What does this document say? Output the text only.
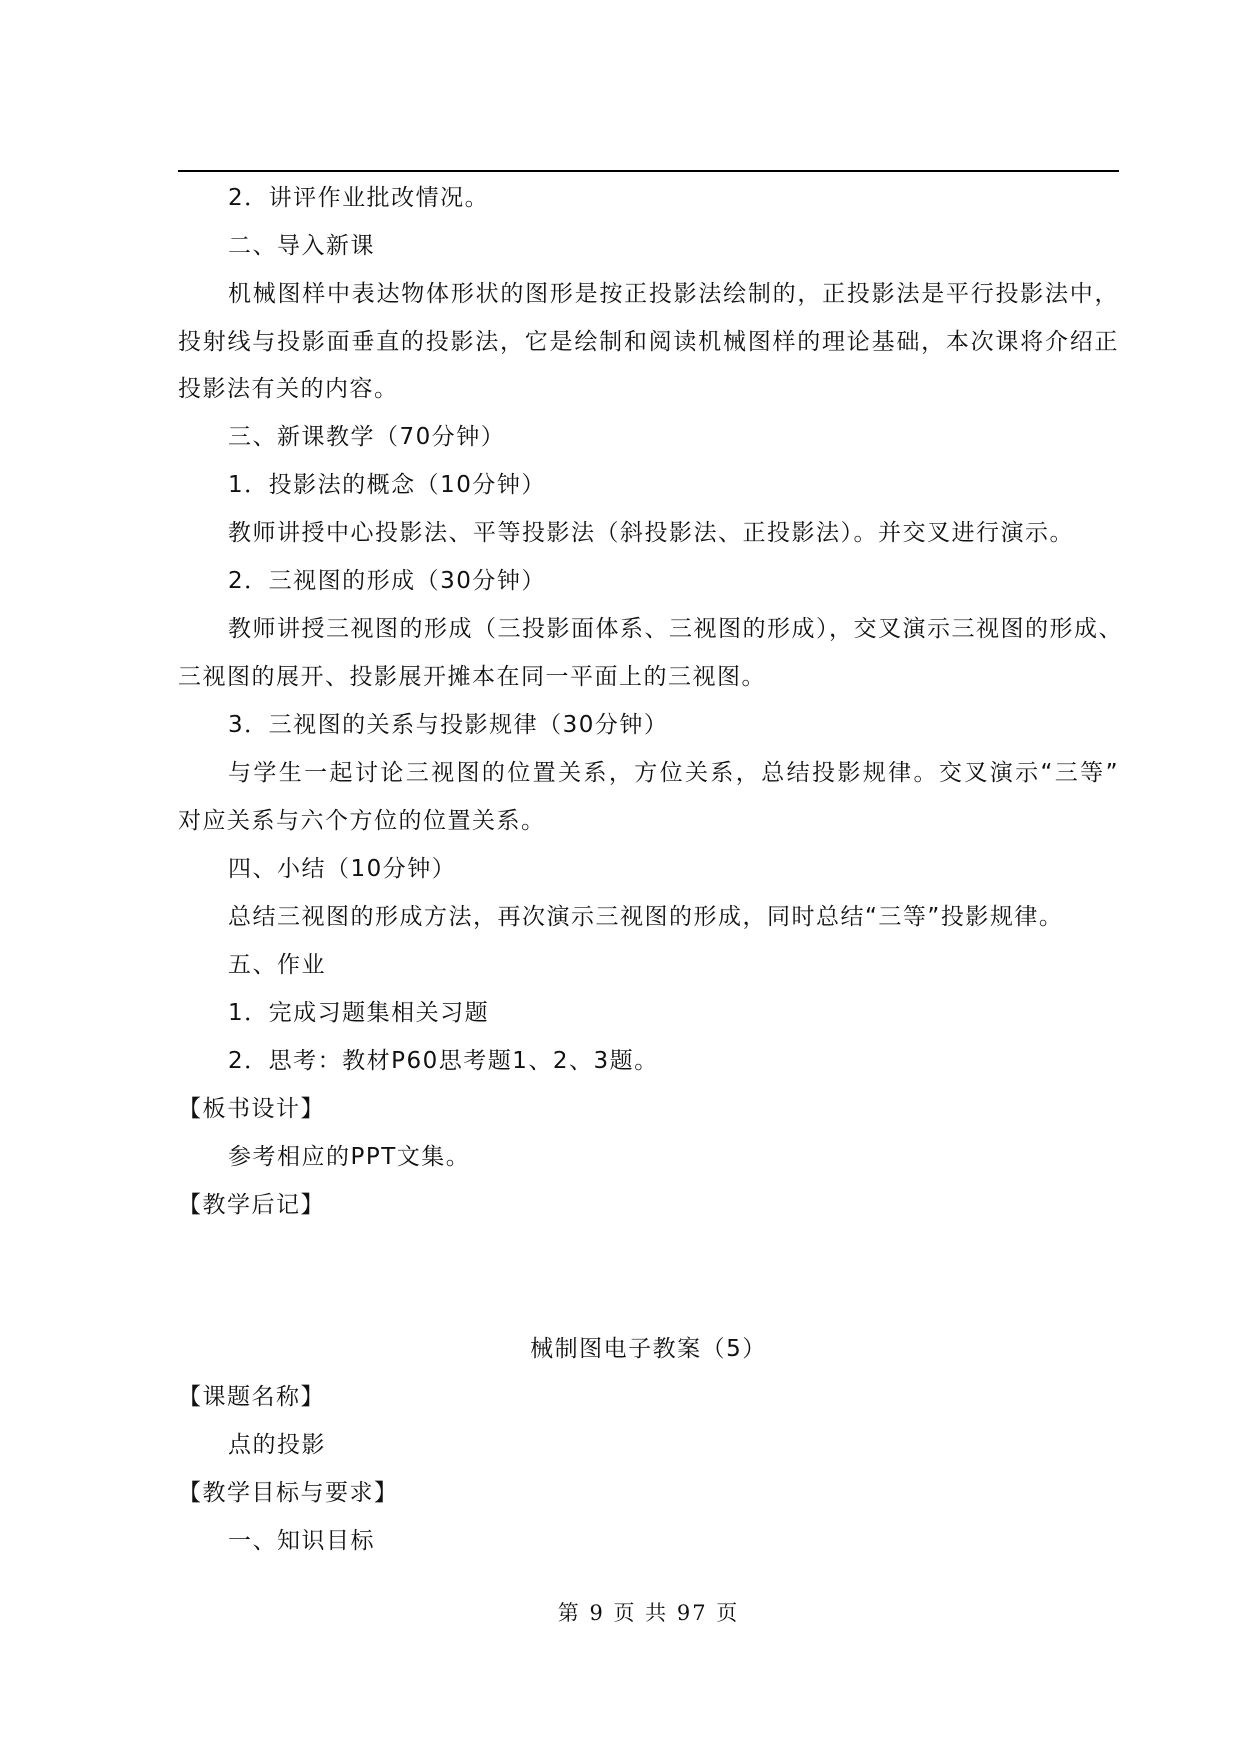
2．讲评作业批改情况。
二、导入新课
机械图样中表达物体形状的图形是按正投影法绘制的，正投影法是平行投影法中，
投射线与投影面垂直的投影法，它是绘制和阅读机械图样的理论基础，本次课将介绍正
投影法有关的内容。
三、新课教学（70分钟）
1．投影法的概念（10分钟）
教师讲授中心投影法、平等投影法（斜投影法、正投影法）。并交叉进行演示。
2．三视图的形成（30分钟）
教师讲授三视图的形成（三投影面体系、三视图的形成），交叉演示三视图的形成、
三视图的展开、投影展开摊本在同一平面上的三视图。
3．三视图的关系与投影规律（30分钟）
与学生一起讨论三视图的位置关系，方位关系，总结投影规律。交叉演示“三等”
对应关系与六个方位的位置关系。
四、小结（10分钟）
总结三视图的形成方法，再次演示三视图的形成，同时总结“三等”投影规律。
五、作业
1．完成习题集相关习题
2．思考：教材P60思考题1、2、3题。
【板书设计】
参考相应的PPT文集。
【教学后记】
械制图电子教案（5）
【课题名称】
点的投影
【教学目标与要求】
一、知识目标
第 9 页 共 97 页
